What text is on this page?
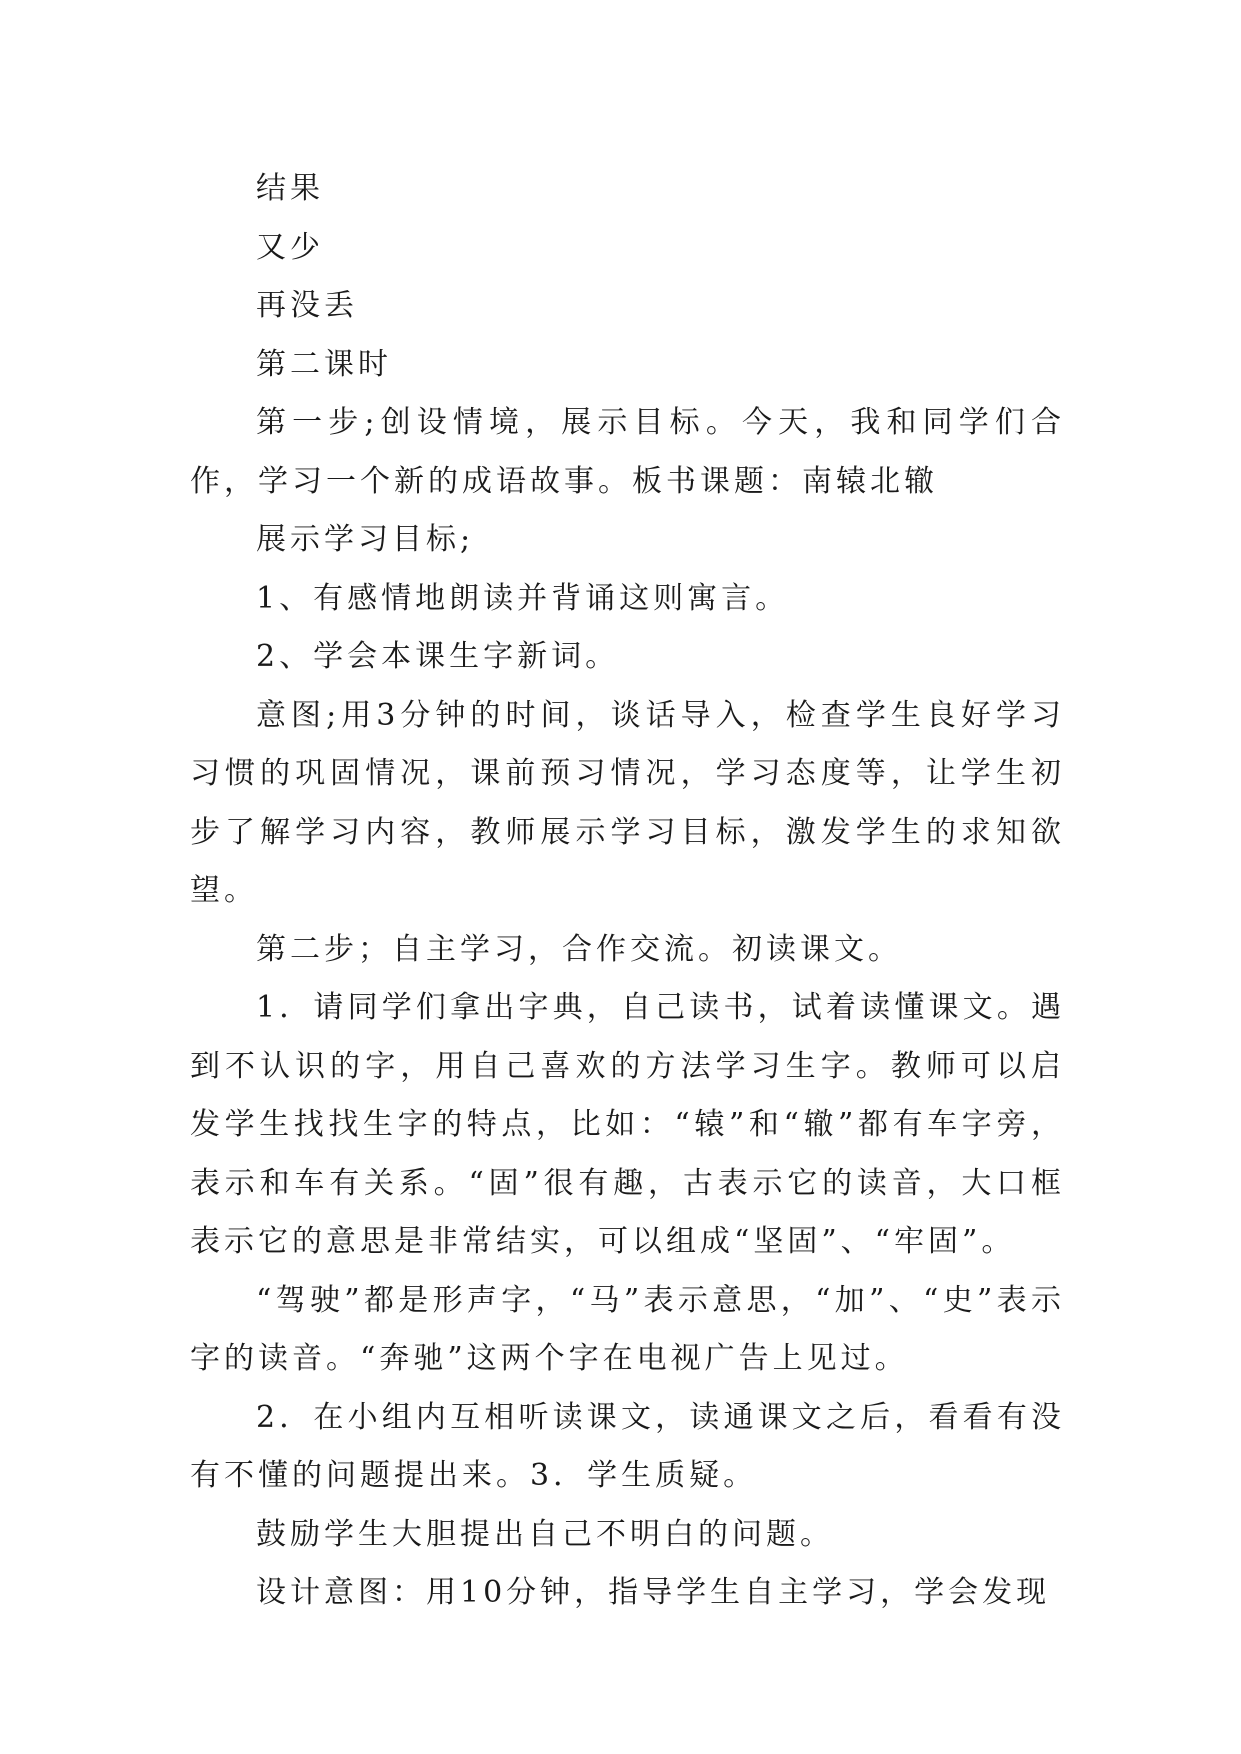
结果

又少

再没丢

第二课时

第一步;创设情境，展示目标。今天，我和同学们合作，学习一个新的成语故事。板书课题：南辕北辙

展示学习目标;

1、有感情地朗读并背诵这则寓言。

2、学会本课生字新词。

意图;用3分钟的时间，谈话导入，检查学生良好学习习惯的巩固情况，课前预习情况，学习态度等，让学生初步了解学习内容，教师展示学习目标，激发学生的求知欲望。

第二步；自主学习，合作交流。初读课文。

1．请同学们拿出字典，自己读书，试着读懂课文。遇到不认识的字，用自己喜欢的方法学习生字。教师可以启发学生找找生字的特点，比如：“辕”和“辙”都有车字旁，表示和车有关系。“固”很有趣，古表示它的读音，大口框表示它的意思是非常结实，可以组成“坚固”、“牢固”。

“驾驶”都是形声字，“马”表示意思，“加”、“史”表示字的读音。“奔驰”这两个字在电视广告上见过。

2．在小组内互相听读课文，读通课文之后，看看有没有不懂的问题提出来。3．学生质疑。

鼓励学生大胆提出自己不明白的问题。

设计意图：用10分钟，指导学生自主学习，学会发现
